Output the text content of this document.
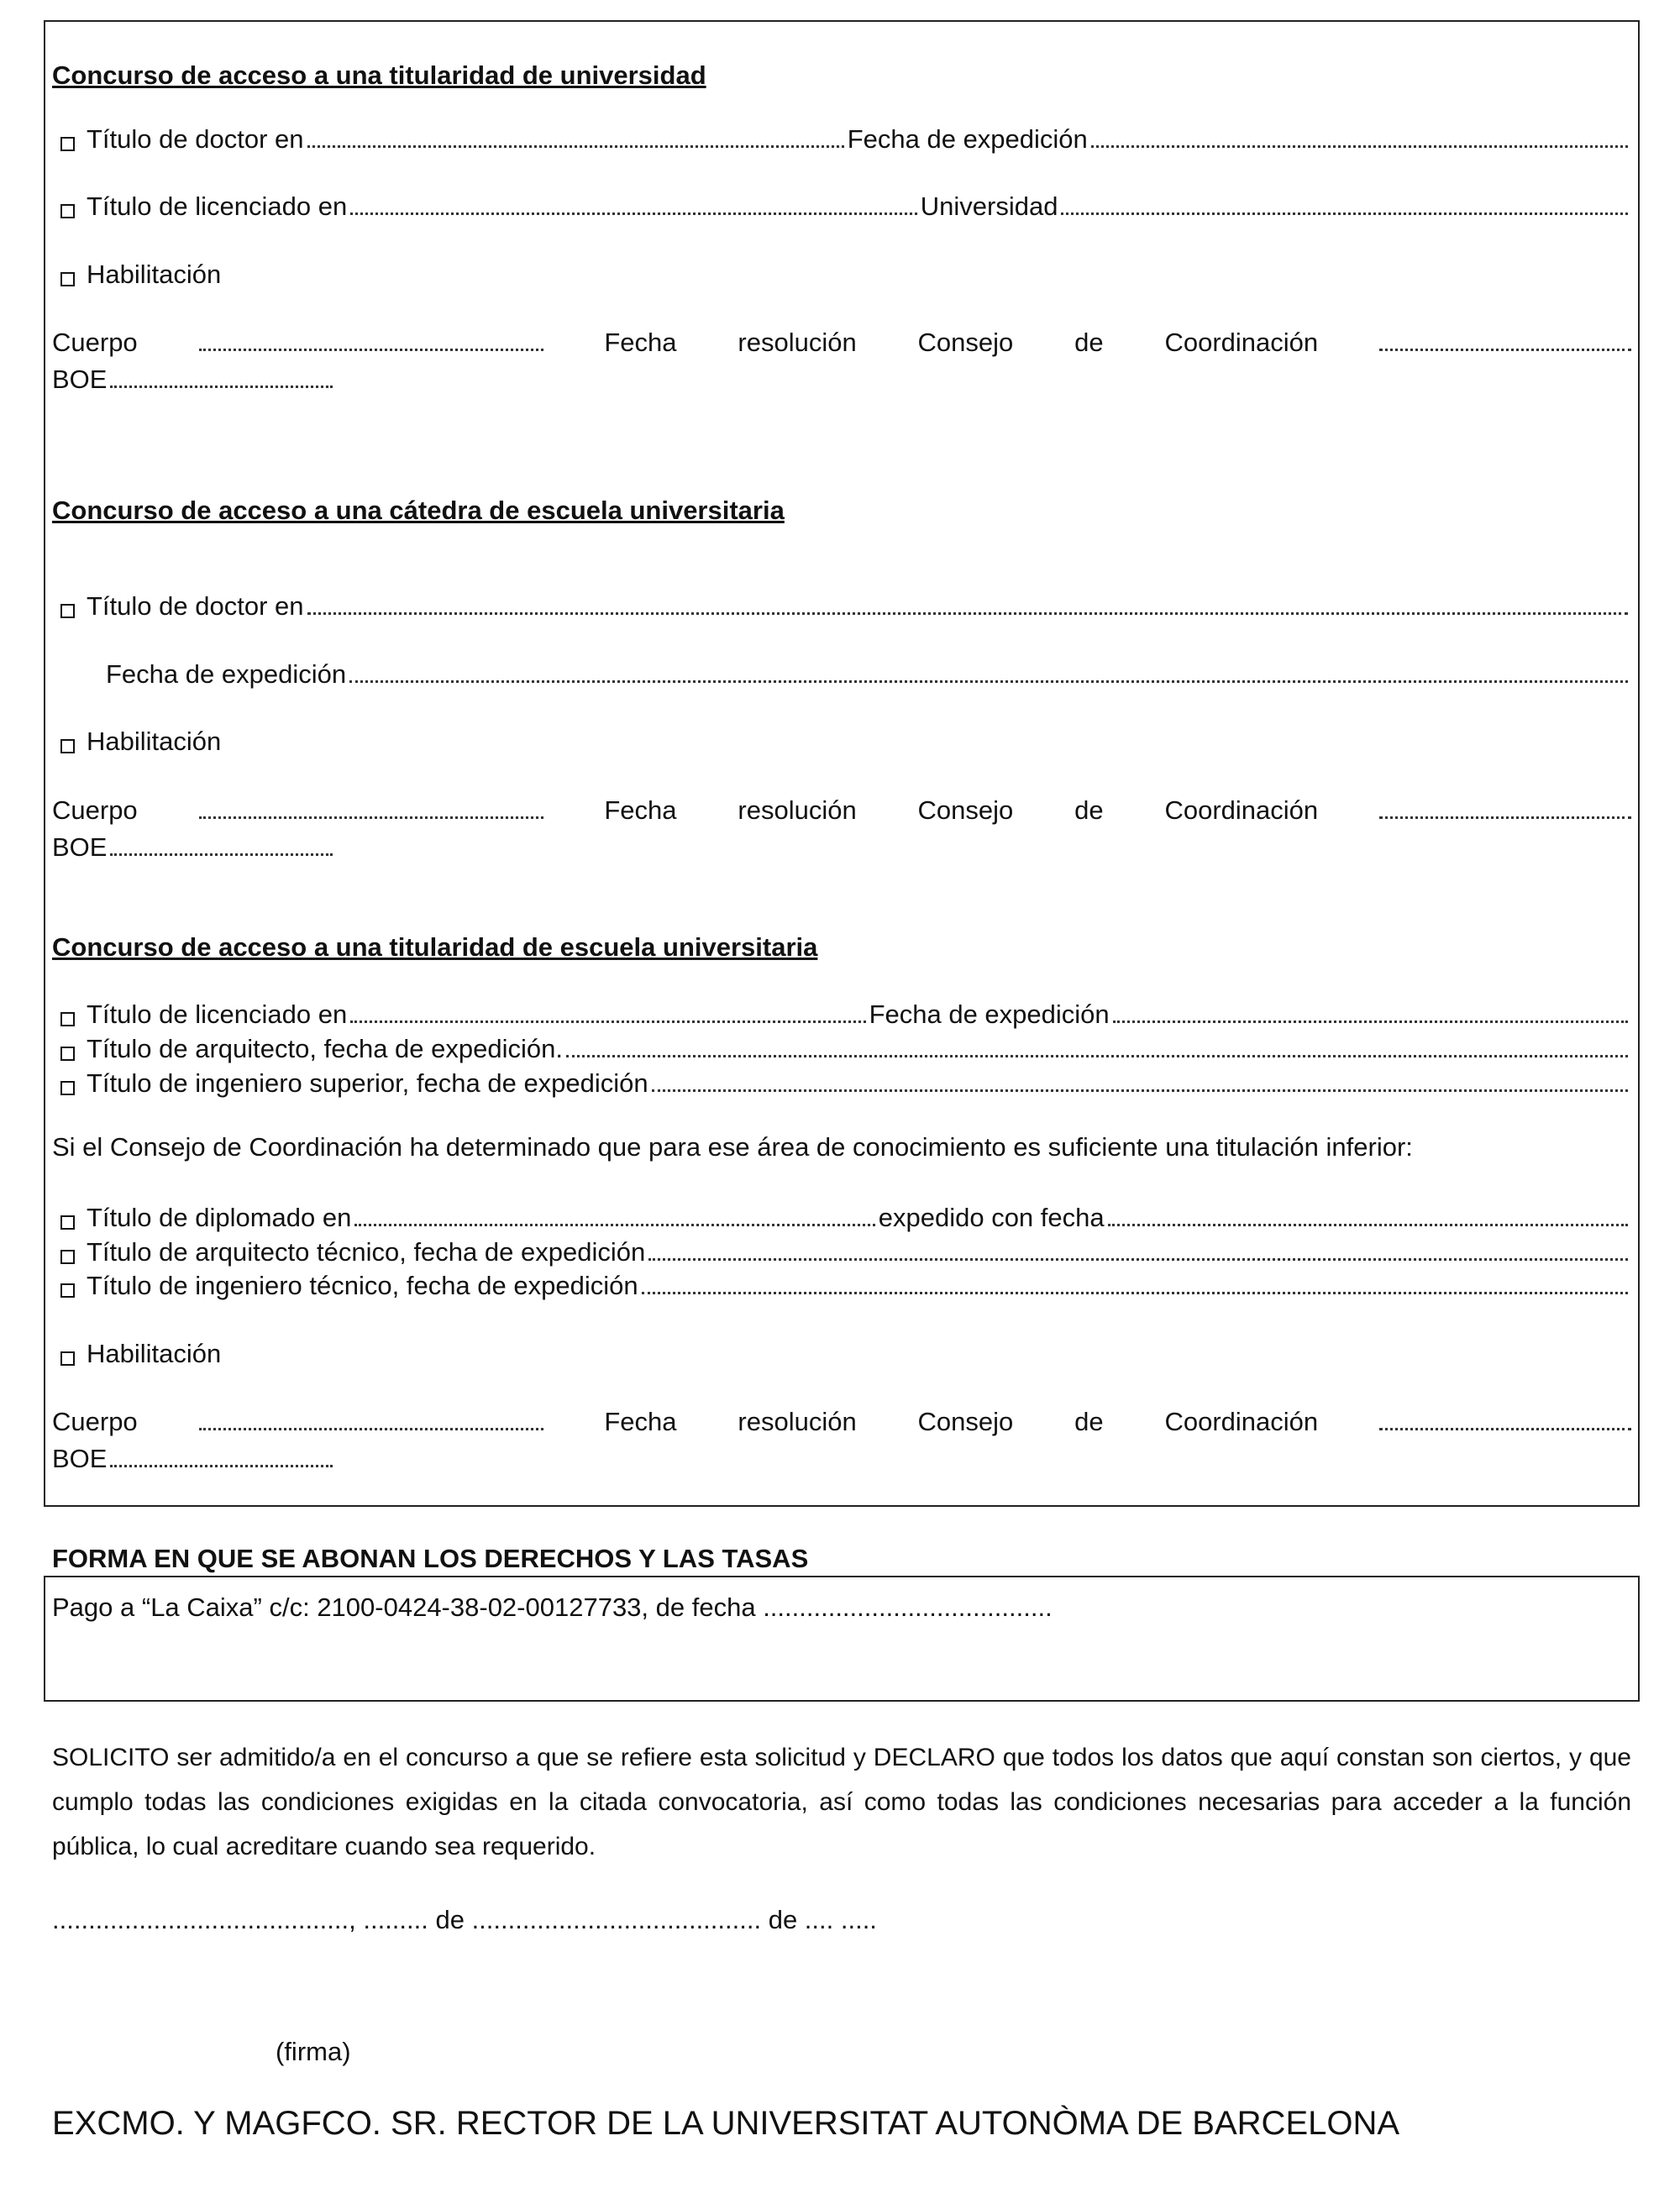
Concurso de acceso a una titularidad de universidad
Título de doctor en	Fecha de expedición
Título de licenciado en	Universidad
Habilitación
Cuerpo	Fecha resolución Consejo de Coordinación
BOE
Concurso de acceso a una cátedra de escuela universitaria
Título de doctor en
Fecha de expedición
Habilitación
Cuerpo	Fecha resolución Consejo de Coordinación
BOE
Concurso de acceso a una titularidad de escuela universitaria
Título de licenciado en	Fecha de expedición
Título de arquitecto, fecha de expedición.
Título de ingeniero superior, fecha de expedición
Si el Consejo de Coordinación ha determinado que para ese área de conocimiento es suficiente una titulación inferior:
Título de diplomado en	expedido con fecha
Título de arquitecto técnico, fecha de expedición
Título de ingeniero técnico, fecha de expedición
Habilitación
Cuerpo	Fecha resolución Consejo de Coordinación
BOE
FORMA EN QUE SE ABONAN LOS DERECHOS Y LAS TASAS
Pago a “La Caixa” c/c: 2100-0424-38-02-00127733, de fecha ........................................
SOLICITO ser admitido/a en el concurso a que se refiere esta solicitud y DECLARO que todos los datos que aquí constan son ciertos, y que cumplo todas las condiciones exigidas en la citada convocatoria, así como todas las condiciones necesarias para acceder a la función pública, lo cual acreditare cuando sea requerido.
........................................., ......... de ........................................ de .... .....
(firma)
EXCMO. Y MAGFCO. SR. RECTOR DE LA UNIVERSITAT AUTONÒMA DE BARCELONA
